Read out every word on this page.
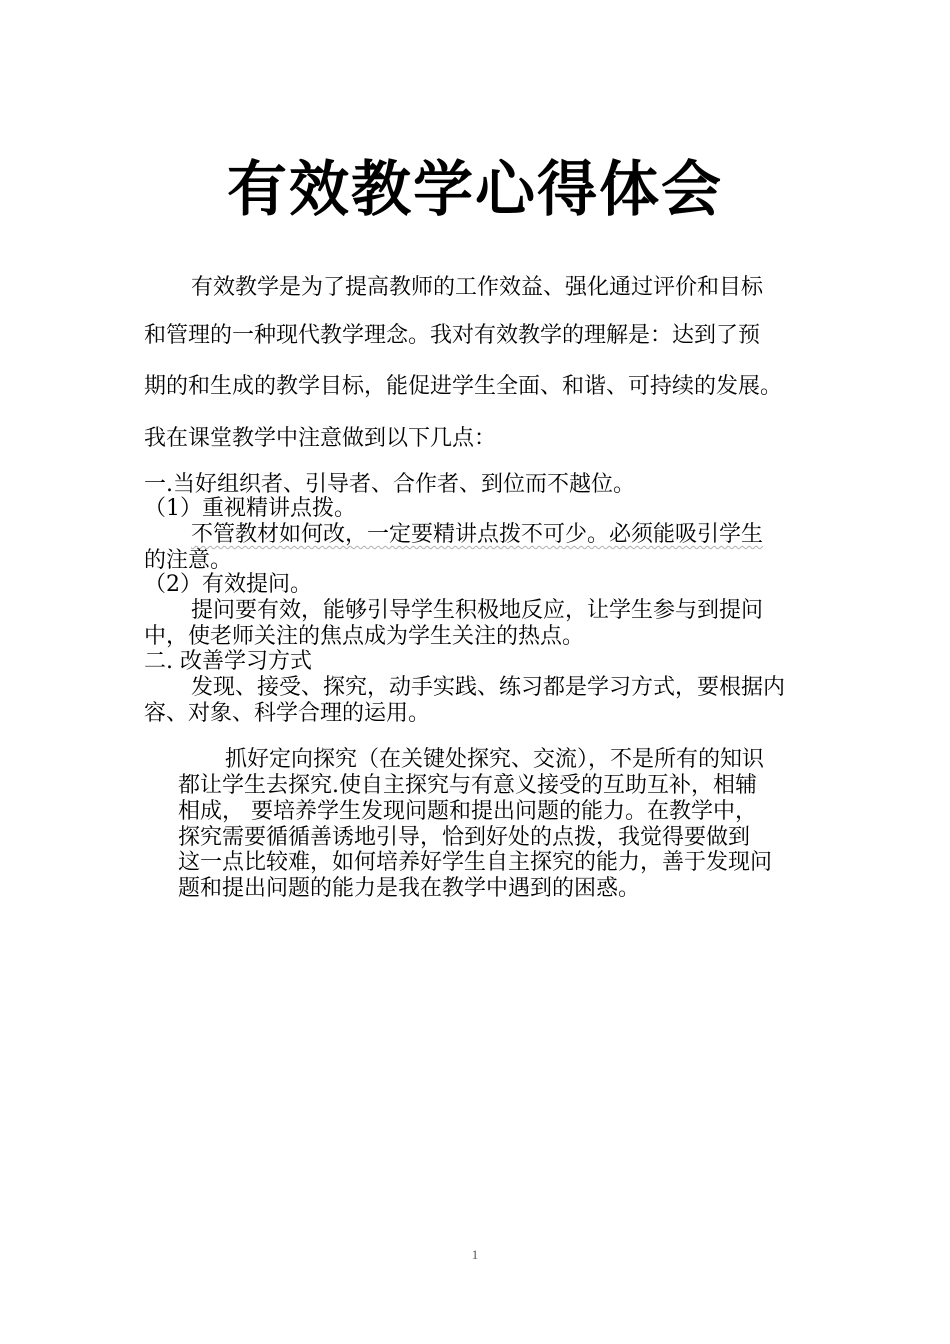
有效教学心得体会
有效教学是为了提高教师的工作效益、强化通过评价和目标
和管理的一种现代教学理念。我对有效教学的理解是：达到了预
期的和生成的教学目标，能促进学生全面、和谐、可持续的发展。
我在课堂教学中注意做到以下几点：
一.当好组织者、引导者、合作者、到位而不越位。
（1）重视精讲点拨。
不管教材如何改，一定要精讲点拨不可少。必须能吸引学生
的注意。
（2）有效提问。
提问要有效，能够引导学生积极地反应，让学生参与到提问
中，使老师关注的焦点成为学生关注的热点。
二. 改善学习方式
发现、接受、探究，动手实践、练习都是学习方式，要根据内
容、对象、科学合理的运用。
抓好定向探究（在关键处探究、交流），不是所有的知识
都让学生去探究.使自主探究与有意义接受的互助互补，相辅
相成， 要培养学生发现问题和提出问题的能力。在教学中，
探究需要循循善诱地引导，恰到好处的点拨，我觉得要做到
这一点比较难，如何培养好学生自主探究的能力，善于发现问
题和提出问题的能力是我在教学中遇到的困惑。
1
